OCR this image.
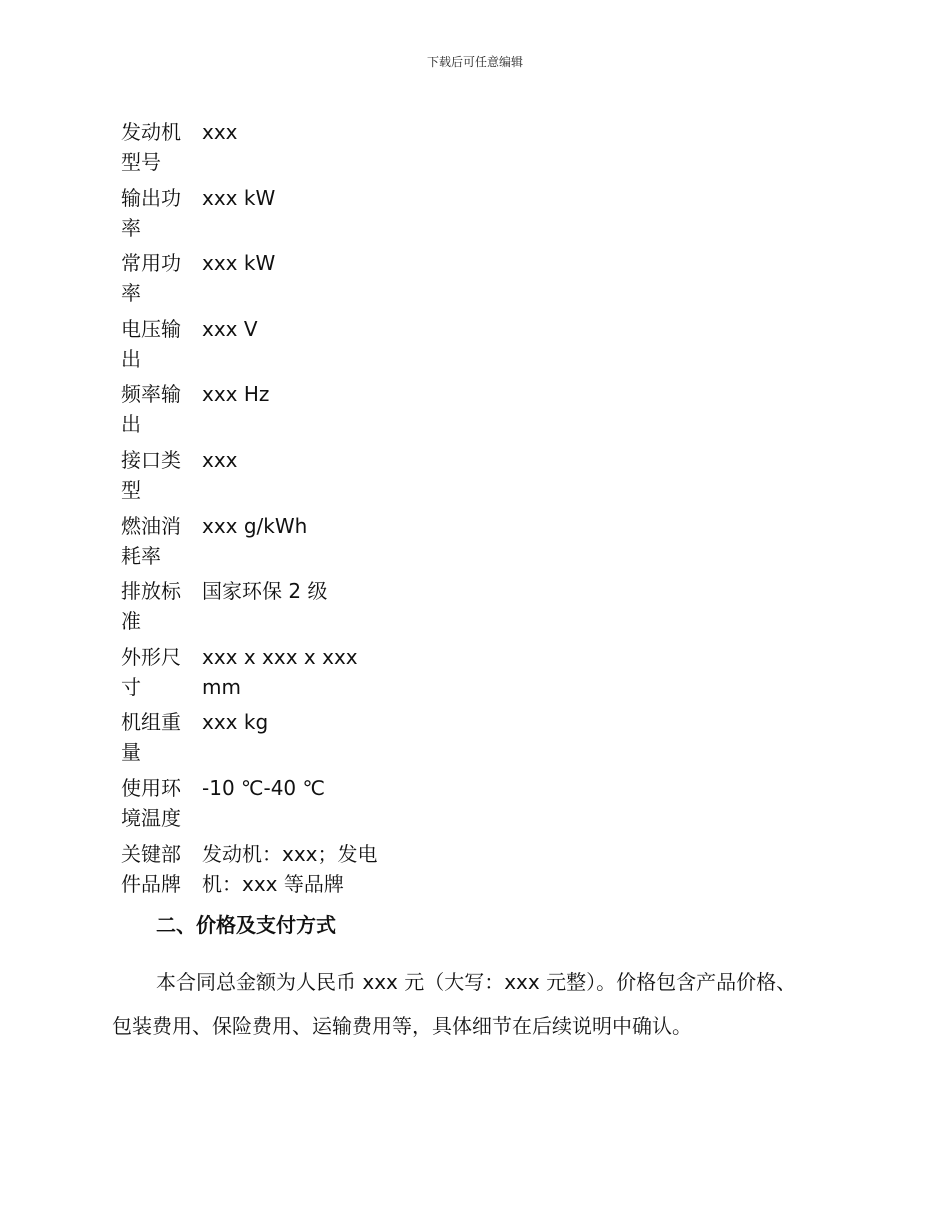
下载后可任意编辑
发动机型号	xxx

输出功率	xxx kW

常用功率	xxx kW

电压输出	xxx V

频率输出	xxx Hz

接口类型	xxx

燃油消耗率	xxx g/kWh

排放标准	国家环保 2 级

外形尺寸	xxx x xxx x xxx mm

机组重量	xxx kg

使用环境温度	-10 ℃-40 ℃

关键部件品牌	发动机：xxx；发电机：xxx 等品牌
二、价格及支付方式

本合同总金额为人民币 xxx 元（大写：xxx 元整）。价格包含产品价格、包装费用、保险费用、运输费用等，具体细节在后续说明中确认。
